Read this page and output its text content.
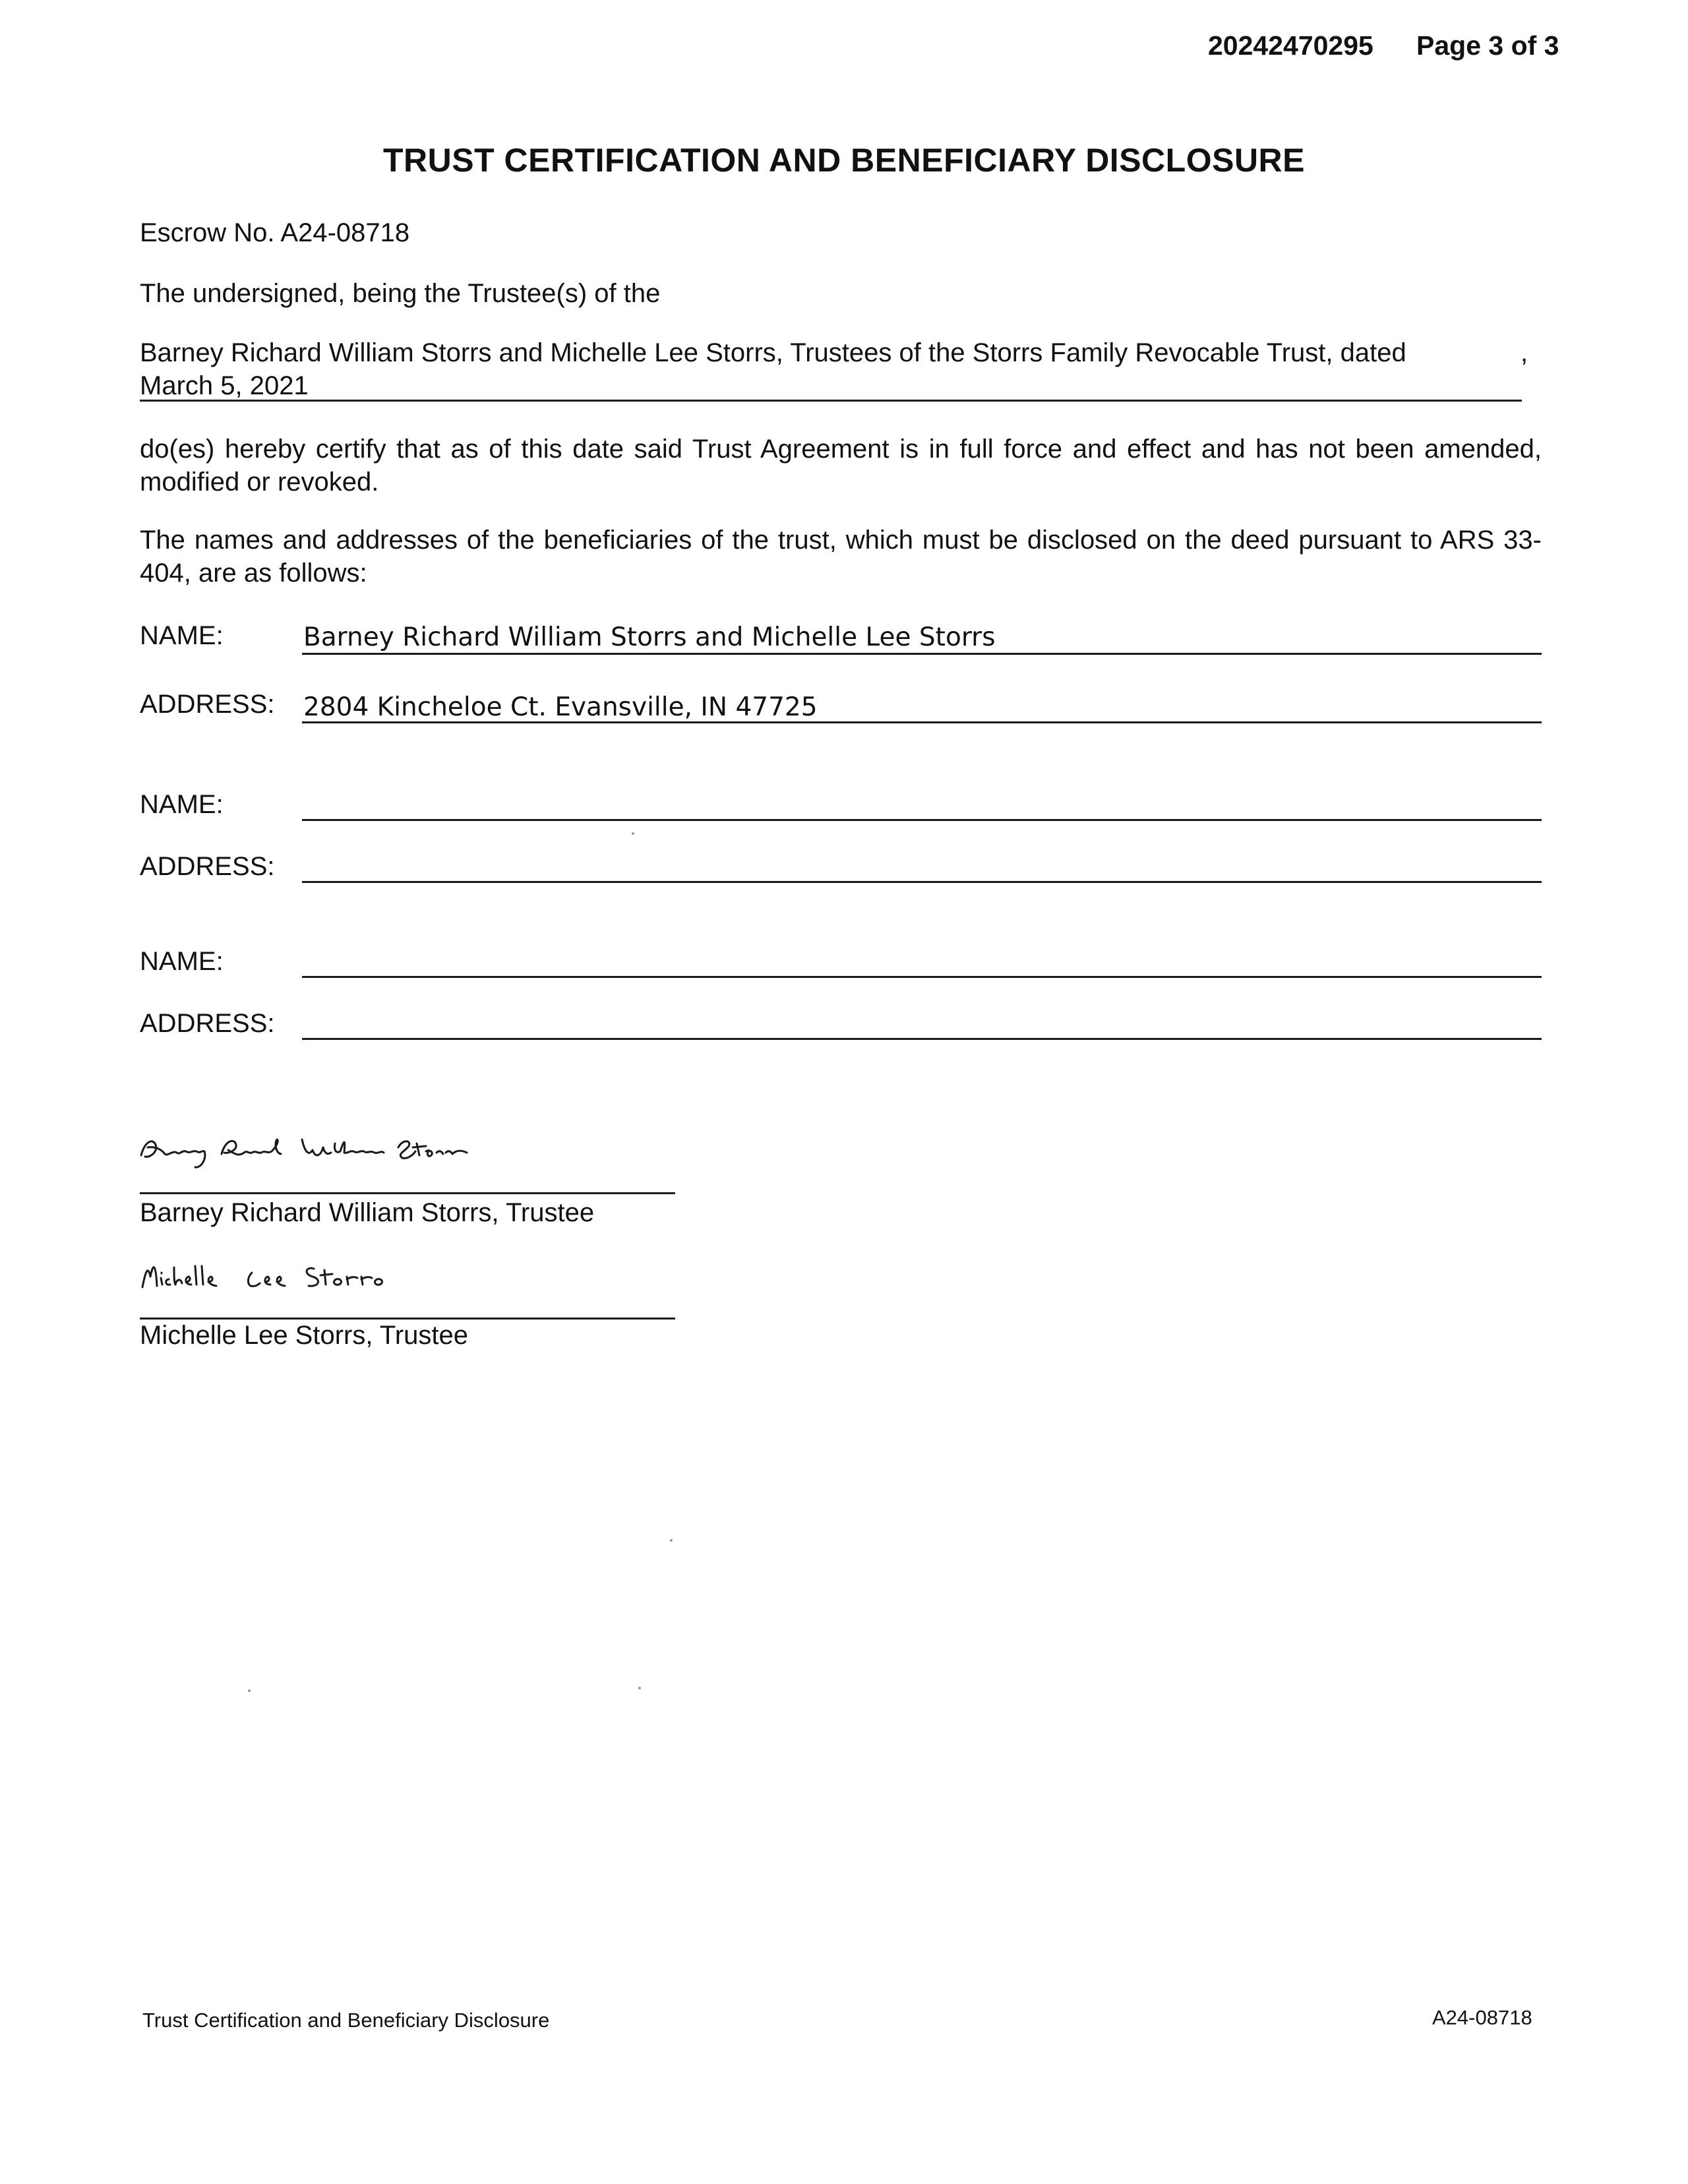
20242470295 Page 3 of 3
TRUST CERTIFICATION AND BENEFICIARY DISCLOSURE
Escrow No. A24-08718
The undersigned, being the Trustee(s) of the
Barney Richard William Storrs and Michelle Lee Storrs, Trustees of the Storrs Family Revocable Trust, dated	,
March 5, 2021
do(es) hereby certify that as of this date said Trust Agreement is in full force and effect and has not been amended, modified or revoked.
The names and addresses of the beneficiaries of the trust, which must be disclosed on the deed pursuant to ARS 33-404, are as follows:
NAME:	Barney Richard William Storrs and Michelle Lee Storrs
ADDRESS: 2804 Kincheloe Ct. Evansville, IN 47725
NAME:
ADDRESS:
NAME:
ADDRESS:
Barney Richard William Storrs, Trustee
Michelle Lee Storrs, Trustee
Trust Certification and Beneficiary Disclosure	A24-08718
